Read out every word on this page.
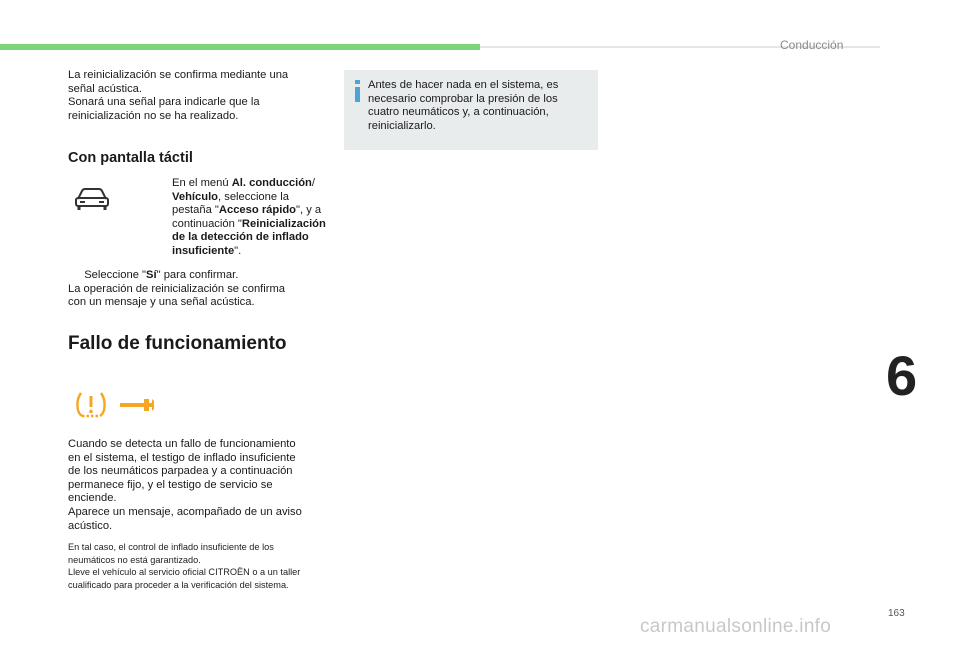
Conducción
La reinicialización se confirma mediante una
señal acústica.
Sonará una señal para indicarle que la
reinicialización no se ha realizado.
Con pantalla táctil
En el menú Al. conducción/
Vehículo, seleccione la
pestaña "Acceso rápido", y a
continuación "Reinicialización
de la detección de inflado
insuficiente".
Seleccione "Sí" para confirmar.
La operación de reinicialización se confirma
con un mensaje y una señal acústica.
Fallo de funcionamiento
Cuando se detecta un fallo de funcionamiento
en el sistema, el testigo de inflado insuficiente
de los neumáticos parpadea y a continuación
permanece fijo, y el testigo de servicio se
enciende.
Aparece un mensaje, acompañado de un aviso
acústico.
En tal caso, el control de inflado insuficiente de los
neumáticos no está garantizado.
Lleve el vehículo al servicio oficial CITROËN o a un taller
cualificado para proceder a la verificación del sistema.
Antes de hacer nada en el sistema, es
necesario comprobar la presión de los
cuatro neumáticos y, a continuación,
reinicializarlo.
6
163
carmanualsonline.info
